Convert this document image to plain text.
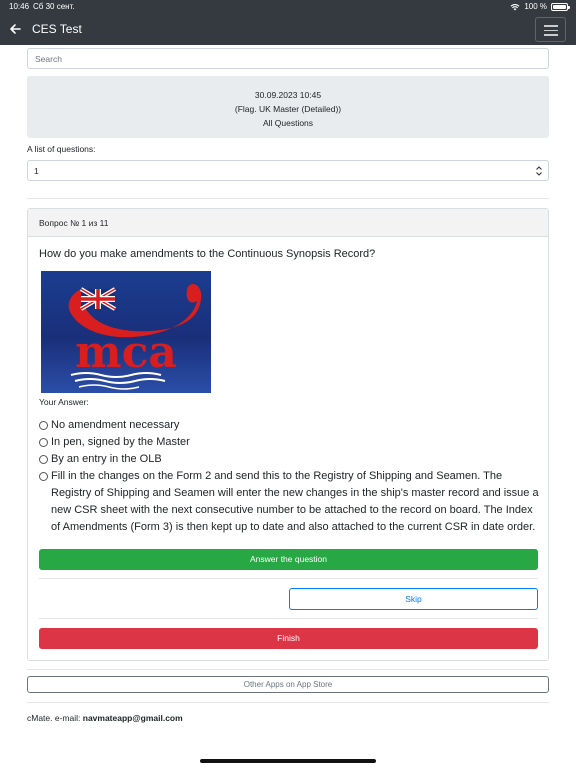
10:46 Сб 30 сент.	100 %
CES Test
Search
30.09.2023 10:45
(Flag. UK Master (Detailed))
All Questions
A list of questions:
1
Вопрос № 1 из 11
How do you make amendments to the Continuous Synopsis Record?
mca
Your Answer:
No amendment necessary
In pen, signed by the Master
By an entry in the OLB
Fill in the changes on the Form 2 and send this to the Registry of Shipping and Seamen. The Registry of Shipping and Seamen will enter the new changes in the ship's master record and issue a new CSR sheet with the next consecutive number to be attached to the record on board. The Index of Amendments (Form 3) is then kept up to date and also attached to the current CSR in date order.
Answer the question
Skip
Finish
Other Apps on App Store
cMate. e-mail: navmateapp@gmail.com
